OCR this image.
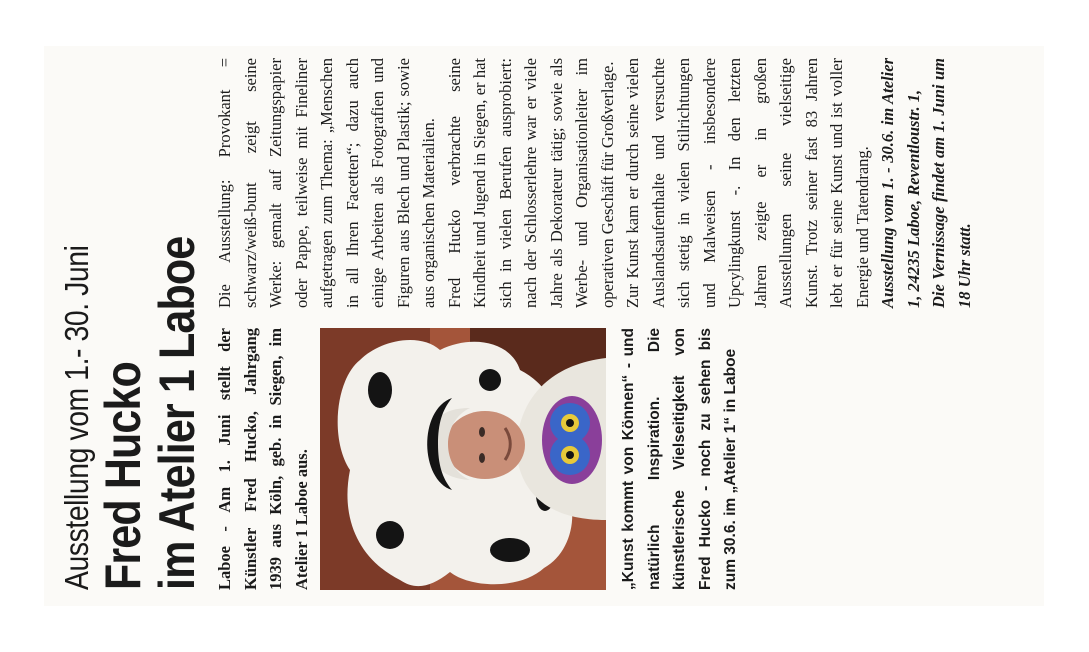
Ausstellung vom 1.- 30. Juni Fred Hucko
im Atelier 1 Laboe Laboe - Am 1. Juni stellt der Künstler Fred Hucko, Jahrgang 1939 aus Köln, geb. in Siegen, im Atelier 1 Laboe aus.	„Kunst kommt von Können“ - und natürlich Inspiration. Die künstlerische Vielseitigkeit von Fred Hucko - noch zu sehen bis zum 30.6. im „Atelier 1“ in Laboe

Die Ausstellung: Provokant = schwarz/weiß-bunt zeigt seine Werke: gemalt auf Zeitungspapier oder Pappe, teilweise mit Fineliner aufgetragen zum Thema: „Menschen in all Ihren Facetten“; dazu auch einige Arbeiten als Fotografien und Figuren aus Blech und Plastik; sowie aus organischen Materialien. Fred Hucko verbrachte seine Kindheit und Jugend in Siegen, er hat sich in vielen Berufen ausprobiert: nach der Schlosserlehre war er viele Jahre als Dekorateur tätig; sowie als Werbe- und Organisationleiter im operativen Geschäft für Großverlage. Zur Kunst kam er durch seine vielen Auslandsaufenthalte und versuchte sich stetig in vielen Stilrichtungen und Malweisen - insbesondere Upcylingkunst -. In den letzten Jahren zeigte er in großen Ausstellungen seine vielseitige Kunst. Trotz seiner fast 83 Jahren lebt er für seine Kunst und ist voller Energie und Tatendrang. Ausstellung vom 1. - 30.6. im Atelier 1, 24235 Laboe, Reventloustr. 1, Die Vernissage findet am 1. Juni um 18 Uhr statt.
